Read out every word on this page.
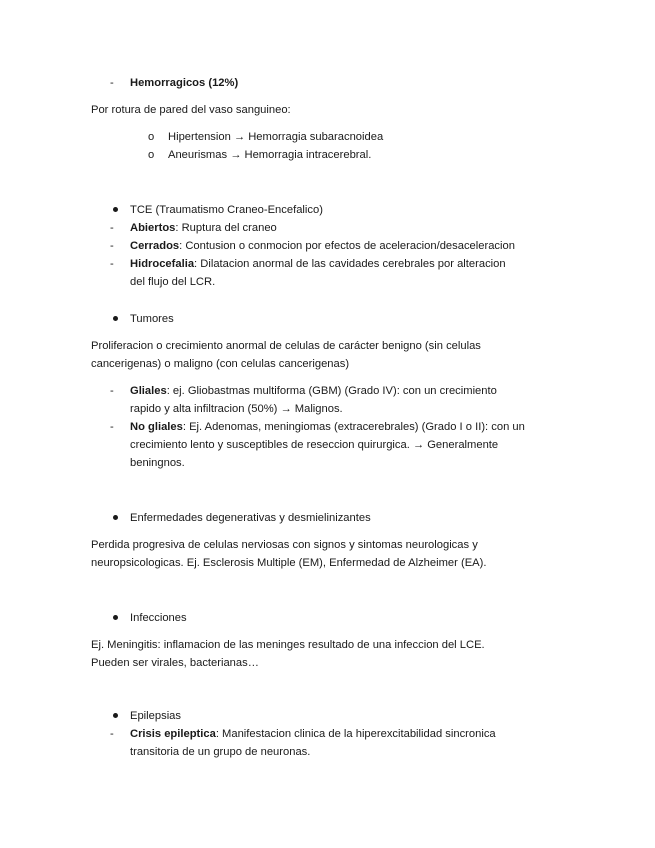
- Hemorragicos (12%)
Por rotura de pared del vaso sanguineo:
o Hipertension → Hemorragia subaracnoidea
o Aneurismas → Hemorragia intracerebral.
TCE (Traumatismo Craneo-Encefalico)
- Abiertos: Ruptura del craneo
- Cerrados: Contusion o conmocion por efectos de aceleracion/desaceleracion
- Hidrocefalia: Dilatacion anormal de las cavidades cerebrales por alteracion
del flujo del LCR.
Tumores
Proliferacion o crecimiento anormal de celulas de carácter benigno (sin celulas
cancerigenas) o maligno (con celulas cancerigenas)
- Gliales: ej. Gliobastmas multiforma (GBM) (Grado IV): con un crecimiento
rapido y alta infiltracion (50%) → Malignos.
- No gliales: Ej. Adenomas, meningiomas (extracerebrales) (Grado I o II): con un
crecimiento lento y susceptibles de reseccion quirurgica. → Generalmente
beningnos.
Enfermedades degenerativas y desmielinizantes
Perdida progresiva de celulas nerviosas con signos y sintomas neurologicas y
neuropsicologicas. Ej. Esclerosis Multiple (EM), Enfermedad de Alzheimer (EA).
Infecciones
Ej. Meningitis: inflamacion de las meninges resultado de una infeccion del LCE.
Pueden ser virales, bacterianas…
Epilepsias
- Crisis epileptica: Manifestacion clinica de la hiperexcitabilidad sincronica
transitoria de un grupo de neuronas.
